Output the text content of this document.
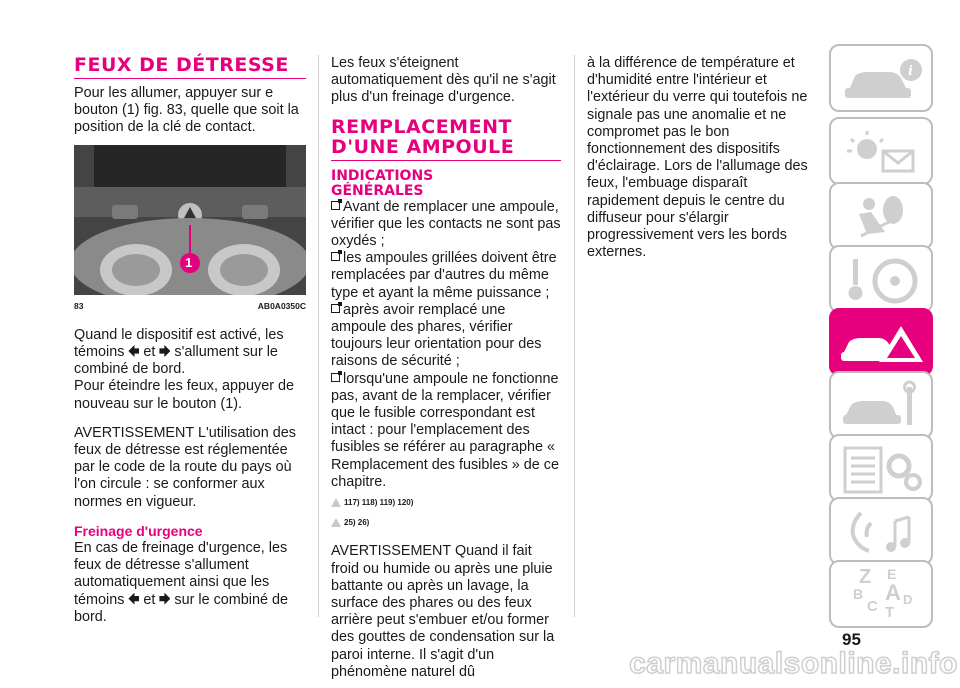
FEUX DE DÉTRESSE

Pour les allumer, appuyer sur e bouton (1) fig. 83, quelle que soit la position de la clé de contact.

1
83	AB0A0350C

Quand le dispositif est activé, les témoins et s'allument sur le combiné de bord.

Pour éteindre les feux, appuyer de nouveau sur le bouton (1).

AVERTISSEMENT L'utilisation des feux de détresse est réglementée par le code de la route du pays où l'on circule : se conformer aux normes en vigueur.

Freinage d'urgence

En cas de freinage d'urgence, les feux de détresse s'allument automatiquement ainsi que les témoins et sur le combiné de bord.

Les feux s'éteignent automatiquement dès qu'il ne s'agit plus d'un freinage d'urgence.

REMPLACEMENT
D'UNE AMPOULE
INDICATIONS
GÉNÉRALES

Avant de remplacer une ampoule, vérifier que les contacts ne sont pas oxydés ;

les ampoules grillées doivent être remplacées par d'autres du même type et ayant la même puissance ;

après avoir remplacé une ampoule des phares, vérifier toujours leur orientation pour des raisons de sécurité ;

lorsqu'une ampoule ne fonctionne pas, avant de la remplacer, vérifier que le fusible correspondant est intact : pour l'emplacement des fusibles se référer au paragraphe « Remplacement des fusibles » de ce chapitre.

117) 118) 119) 120)
25) 26)

AVERTISSEMENT Quand il fait froid ou humide ou après une pluie battante ou après un lavage, la surface des phares ou des feux arrière peut s'embuer et/ou former des gouttes de condensation sur la paroi interne. Il s'agit d'un phénomène naturel dû

à la différence de température et d'humidité entre l'intérieur et l'extérieur du verre qui toutefois ne signale pas une anomalie et ne compromet pas le bon fonctionnement des dispositifs d'éclairage. Lors de l'allumage des feux, l'embuage disparaît rapidement depuis le centre du diffuseur pour s'élargir progressivement vers les bords externes.

i
Z E
B A D
C T
95
carmanualsonline.info
